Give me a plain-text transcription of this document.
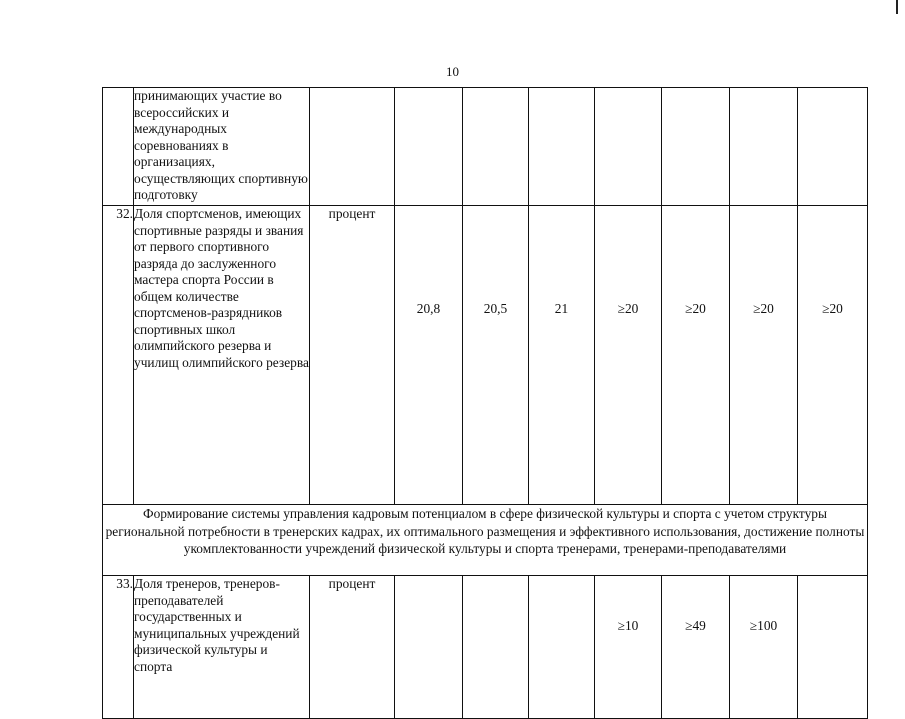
10
	принимающих участие во всероссийских и международных соревнованиях в организациях, осуществляющих спортивную подготовку								
32.	Доля спортсменов, имеющих спортивные разряды и звания от первого спортивного разряда до заслуженного мастера спорта России в общем количестве спортсменов-разрядников спортивных школ олимпийского резерва и училищ олимпийского резерва	процент	20,8	20,5	21	≥20	≥20	≥20	≥20
Формирование системы управления кадровым потенциалом в сфере физической культуры и спорта с учетом структуры региональной потребности в тренерских кадрах, их оптимального размещения и эффективного использования, достижение полноты укомплектованности учреждений физической культуры и спорта тренерами, тренерами-преподавателями									
33.	Доля тренеров, тренеров-преподавателей государственных и муниципальных учреждений физической культуры и спорта	процент				≥10	≥49	≥100	
